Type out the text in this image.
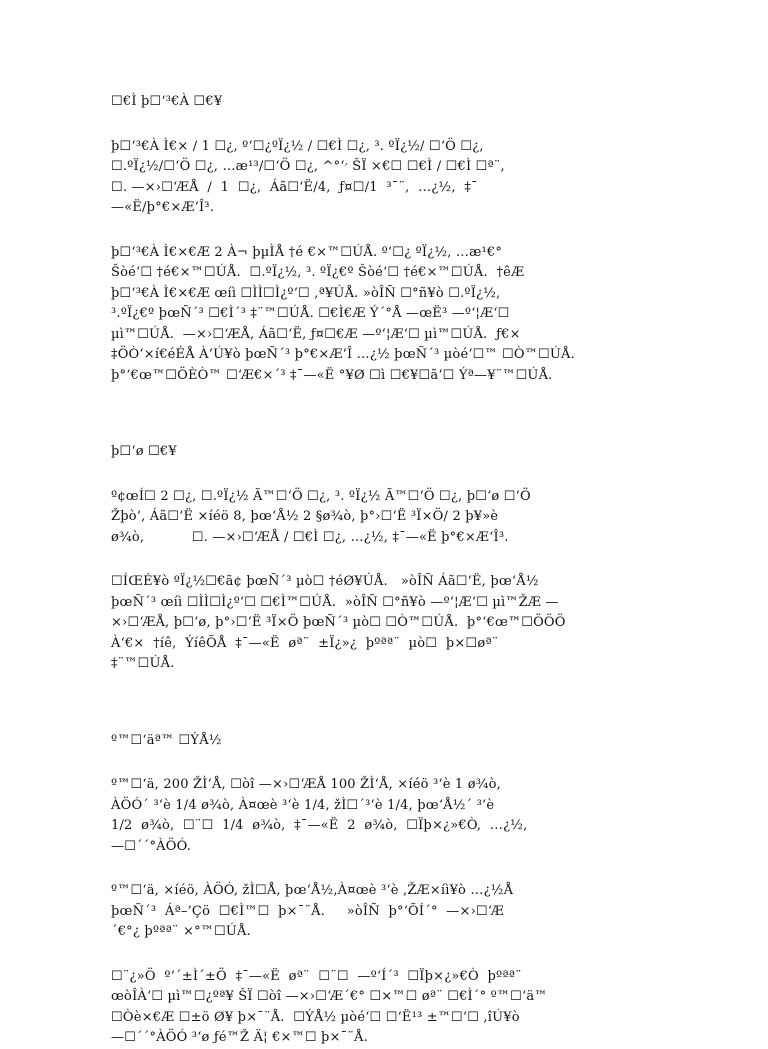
☐€Ì þ☐‘³€À ☐€¥
þ☐‘³€À Ì€× / 1 ☐¿, º‘☐¿ºÏ¿½ / ☐€Ì ☐¿, ³. ºÏ¿½/ ☐‘Ö ☐¿,
☐.ºÏ¿½/☐‘Ö ☐¿, …æ¹³/☐‘Ö ☐¿, ^°‘׳ ŠÏ ×€☐ ☐€Ì / ☐€Ì ☐ª¨,
☐. —×›☐‘ÆÅ  /  1  ☐¿,  Áã☐‘Ë/4,  ƒ¤☐/1  ³¯¨,  …¿½,  ‡¯
—«Ë/þ°€×Æ‘Î³.
þ☐‘³€À Ì€×€Æ 2 À¬ þµÌÅ †é €×™☐ÚÅ. º‘☐¿ ºÏ¿½, …æ¹€°
Šòé‘☐ †é€×™☐ÚÅ.  ☐.ºÏ¿½, ³. ºÏ¿€º Šòé‘☐ †é€×™☐ÚÅ.  †êÆ
þ☐‘³€À Ì€×€Æ œíì ☐ÌÌ☐Ì¿º‘☐ ,ª¥ÚÅ. »òÎÑ ☐°ñ¥ò ☐.ºÏ¿½,
³.ºÏ¿€º þœÑ´³ ☐€Ì´³ ‡¨™☐ÚÅ. ☐€Ì€Æ Ý´°Å —œË³ —º‘¦Æ‘☐
µì™☐ÚÅ.  —×›☐‘ÆÅ, Áã☐‘Ë, ƒ¤☐€Æ —º‘¦Æ‘☐ µì™☐ÚÅ.  ƒ€×
‡ÖÒ‘×í€éÉÅ À‘Ú¥ò þœÑ´³ þ°€×Æ‘Î …¿½ þœÑ´³ µòé‘☐™ ☐Ò™☐ÚÅ.
þ°‘€œ™☐ÖÈÒ™ ☐‘Æ€×´³ ‡¯—«Ë °¥Ø ☐ì ☐€¥☐ã‘☐ Ýª—¥¨™☐ÚÅ.
þ☐‘ø ☐€¥
º¢œÍ☐ 2 ☐¿, ☐.ºÏ¿½ Ã™☐‘Ö ☐¿, ³. ºÏ¿½ Ã™☐‘Ö ☐¿, þ☐‘ø ☐‘Ö
Žþò‘, Áã☐‘Ë ×íéö 8, þœ‘Å½ 2 §ø¾ò, þ°›☐‘Ë ³Ï×Ö/ 2 þ¥»è
ø¾ò,           ☐. —×›☐‘ÆÅ / ☐€Ì ☐¿, …¿½, ‡¯—«Ë þ°€×Æ‘Î³.
☐ÍŒÉ¥ò ºÏ¿½☐€ã¢ þœÑ´³ µò☐ †éØ¥ÚÅ.   »òÎÑ Áã☐‘Ë, þœ‘Å½
þœÑ´³ œíì ☐ÌÌ☐Ì¿º‘☐ ☐€Ì™☐ÚÅ.  »òÎÑ ☐°ñ¥ò —º‘¦Æ‘☐ µì™ŽÆ —
×›☐‘ÆÅ, þ☐‘ø, þ°›☐‘Ë ³Ï×Ö þœÑ´³ µò☐ ☐Ò™☐ÚÅ.  þ°‘€œ™☐ÖÖÖ
À‘€×  †íê,  ÝíêÕÅ  ‡¯—«Ë  øª¨  ±Ï¿»¿  þºªª¨  µò☐  þ×☐øª¨
‡¨™☐ÚÅ.
º™☐‘äª™ ☐ÝÅ½
º™☐‘ä, 200 ŽÌ‘Å, ☐òî —×›☐‘ÆÅ 100 ŽÌ‘Å, ×íéö ³‘è 1 ø¾ò,
ÀÖÓ´ ³‘è 1/4 ø¾ò, À¤œè ³‘è 1/4, žÌ☐´³‘è 1/4, þœ‘Å½´ ³‘è
1/2  ø¾ò,  ☐¨☐  1/4  ø¾ò,  ‡¯—«Ë  2  ø¾ò,  ☐Ïþ×¿»€Ò,  …¿½,
—☐´´°ÀÖÓ.
º™☐‘ä, ×íéö, ÀÖÓ, žÌ☐Å, þœ‘Å½,À¤œè ³‘è ,ŽÆ×íì¥ò …¿½Å
þœÑ´³  Áª–’Çö  ☐€Ì™☐  þ×¯¨Å.     »òÎÑ  þ°‘ÕÍ´°  —×›☐‘Æ
´€°¿ þºªª¨ ×°™☐ÚÅ.
☐¨¿»Ö  º‘´±Ì´±Ö  ‡¯—«Ë  øª¨  ☐¨☐  —º‘Í´³  ☐Ïþ×¿»€Ò  þºªª¨
œòÎÀ‘☐ µì™☐¿ºª¥ ŠÏ ☐òî —×›☐‘Æ´€° ☐×™☐ øª¨ ☐€Ì´° º™☐‘ä™
☐Òè×€Æ ☐±ö Ø¥ þ×¯¨Å.  ☐ÝÅ½ µòé‘☐ ☐‘Ë¹³ ±™☐‘☐ ,îÚ¥ò
—☐´´°ÀÖÓ ³‘ø ƒé™Ž Ä¦ €×™☐ þ×¯¨Å.
